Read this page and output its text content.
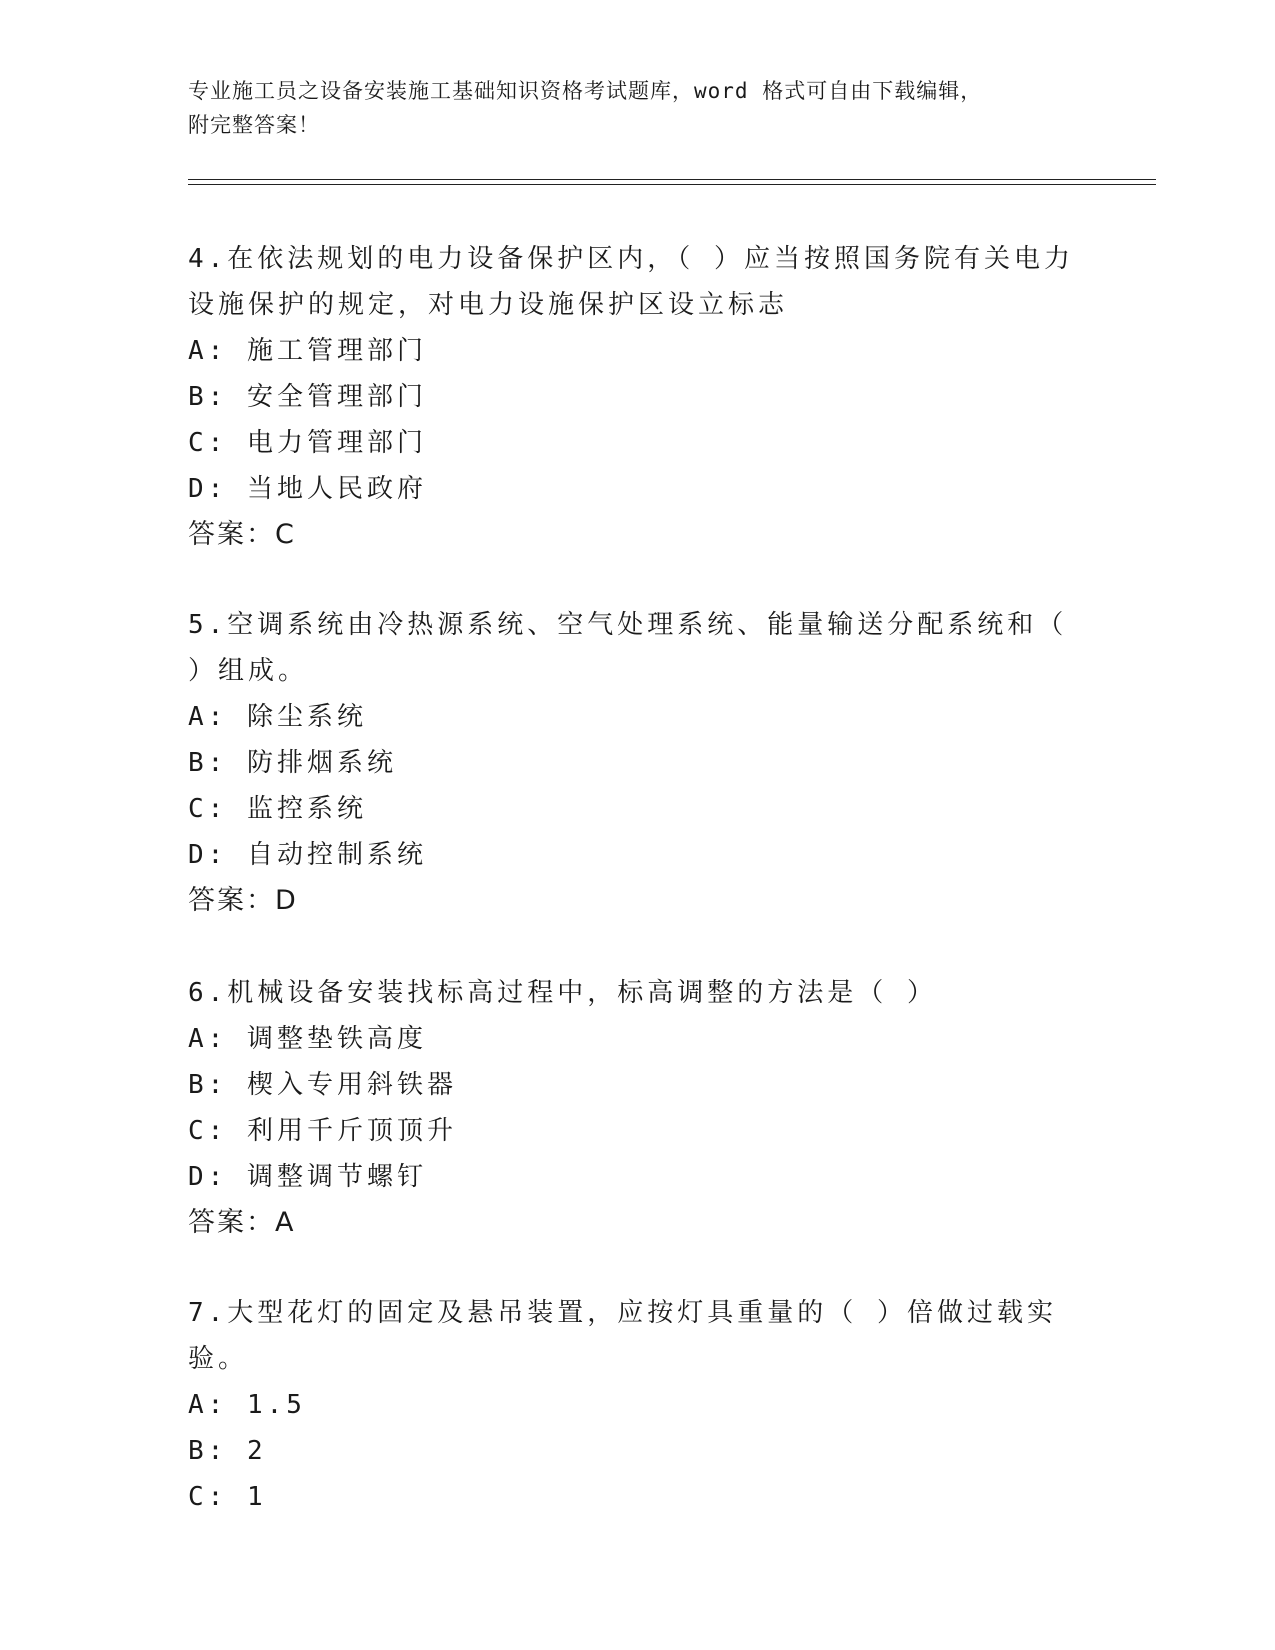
专业施工员之设备安装施工基础知识资格考试题库，word 格式可自由下载编辑，
附完整答案！
4.在依法规划的电力设备保护区内，（ ）应当按照国务院有关电力设施保护的规定，对电力设施保护区设立标志
A: 施工管理部门
B: 安全管理部门
C: 电力管理部门
D: 当地人民政府
答案：C
5.空调系统由冷热源系统、空气处理系统、能量输送分配系统和（ ）组成。
A: 除尘系统
B: 防排烟系统
C: 监控系统
D: 自动控制系统
答案：D
6.机械设备安装找标高过程中，标高调整的方法是（ ）
A: 调整垫铁高度
B: 楔入专用斜铁器
C: 利用千斤顶顶升
D: 调整调节螺钉
答案：A
7.大型花灯的固定及悬吊装置，应按灯具重量的（ ）倍做过载实验。
A: 1.5
B: 2
C: 1
